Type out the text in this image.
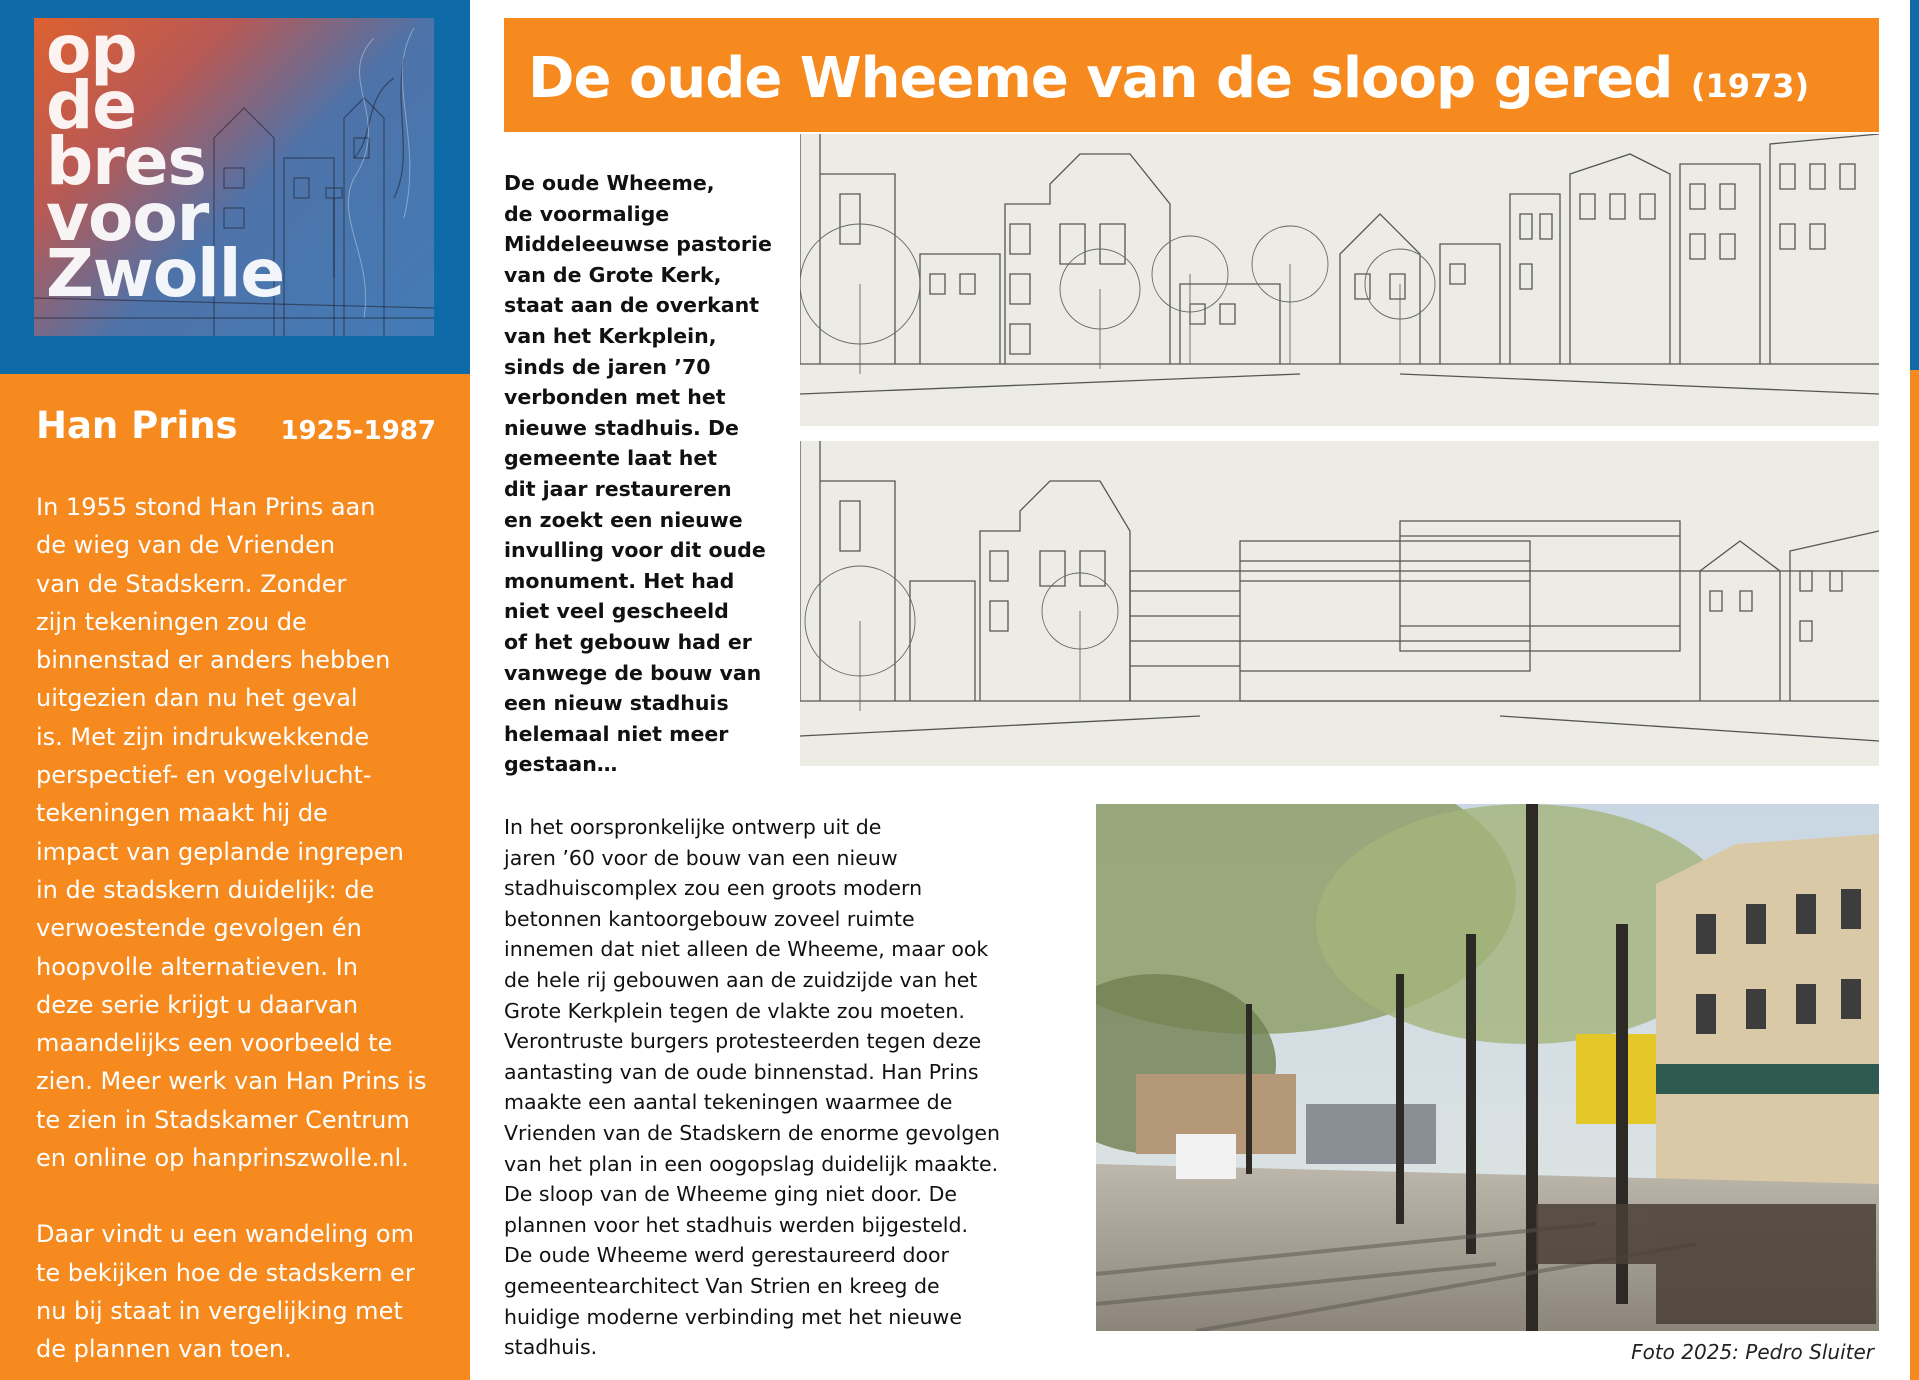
op
de
bres
voor
Zwolle
Han Prins 1925-1987

In 1955 stond Han Prins aan
de wieg van de Vrienden
van de Stadskern. Zonder
zijn tekeningen zou de
binnenstad er anders hebben
uitgezien dan nu het geval
is. Met zijn indrukwekkende
perspectief- en vogelvlucht-
tekeningen maakt hij de
impact van geplande ingrepen
in de stadskern duidelijk: de
verwoestende gevolgen én
hoopvolle alternatieven. In
deze serie krijgt u daarvan
maandelijks een voorbeeld te
zien. Meer werk van Han Prins is
te zien in Stadskamer Centrum
en online op hanprinszwolle.nl.

Daar vindt u een wandeling om
te bekijken hoe de stadskern er
nu bij staat in vergelijking met
de plannen van toen.

De oude Wheeme van de sloop gered (1973)
De oude Wheeme,
de voormalige
Middeleeuwse pastorie
van de Grote Kerk,
staat aan de overkant
van het Kerkplein,
sinds de jaren ’70
verbonden met het
nieuwe stadhuis. De
gemeente laat het
dit jaar restaureren
en zoekt een nieuwe
invulling voor dit oude
monument. Het had
niet veel gescheeld
of het gebouw had er
vanwege de bouw van
een nieuw stadhuis
helemaal niet meer
gestaan…
In het oorspronkelijke ontwerp uit de
jaren ’60 voor de bouw van een nieuw
stadhuiscomplex zou een groots modern
betonnen kantoorgebouw zoveel ruimte
innemen dat niet alleen de Wheeme, maar ook
de hele rij gebouwen aan de zuidzijde van het
Grote Kerkplein tegen de vlakte zou moeten.
Verontruste burgers protesteerden tegen deze
aantasting van de oude binnenstad. Han Prins
maakte een aantal tekeningen waarmee de
Vrienden van de Stadskern de enorme gevolgen
van het plan in een oogopslag duidelijk maakte.
De sloop van de Wheeme ging niet door. De
plannen voor het stadhuis werden bijgesteld.
De oude Wheeme werd gerestaureerd door
gemeentearchitect Van Strien en kreeg de
huidige moderne verbinding met het nieuwe
stadhuis.	Foto 2025: Pedro Sluiter
